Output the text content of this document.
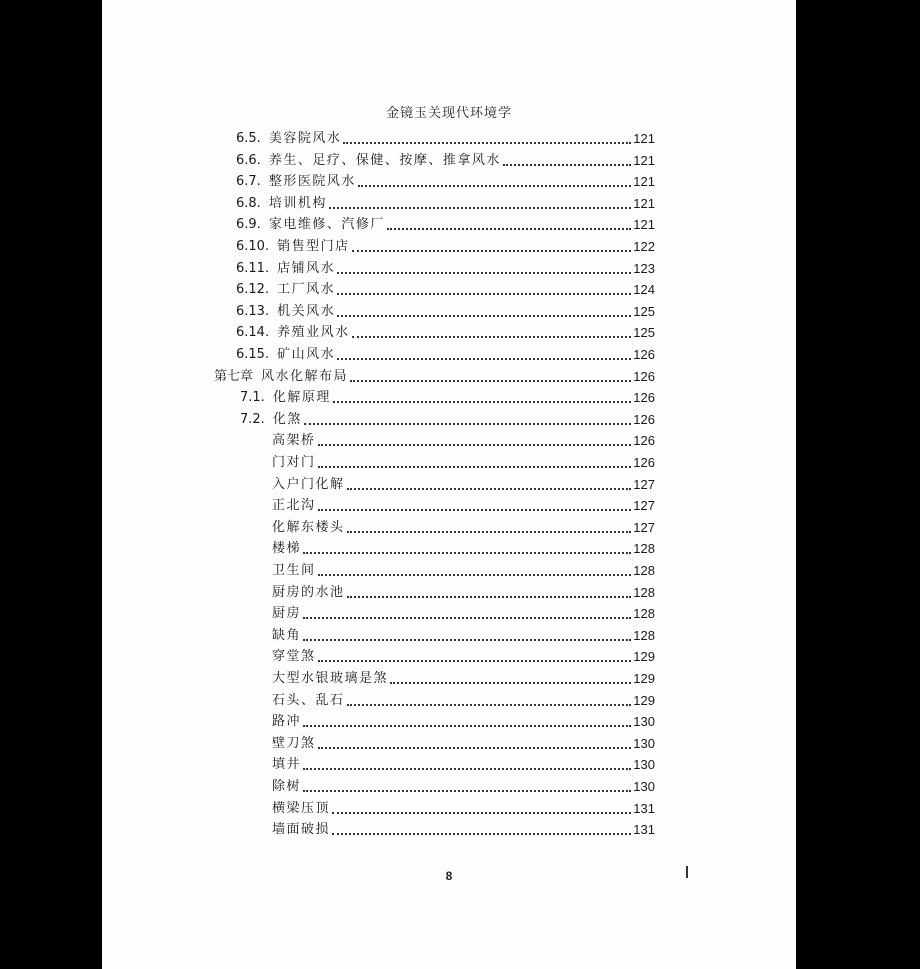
金镜玉关现代环境学
6.5. 美容院风水	121
6.6. 养生、足疗、保健、按摩、推拿风水	121
6.7. 整形医院风水	121
6.8. 培训机构	121
6.9. 家电维修、汽修厂	121
6.10. 销售型门店	122
6.11. 店铺风水	123
6.12. 工厂风水	124
6.13. 机关风水	125
6.14. 养殖业风水	125
6.15. 矿山风水	126
第七章 风水化解布局	126
7.1. 化解原理	126
7.2. 化煞	126
高架桥	126
门对门	126
入户门化解	127
正北沟	127
化解东楼头	127
楼梯	128
卫生间	128
厨房的水池	128
厨房	128
缺角	128
穿堂煞	129
大型水银玻璃是煞	129
石头、乱石	129
路冲	130
壁刀煞	130
填井	130
除树	130
横梁压顶	131
墙面破损	131
8
